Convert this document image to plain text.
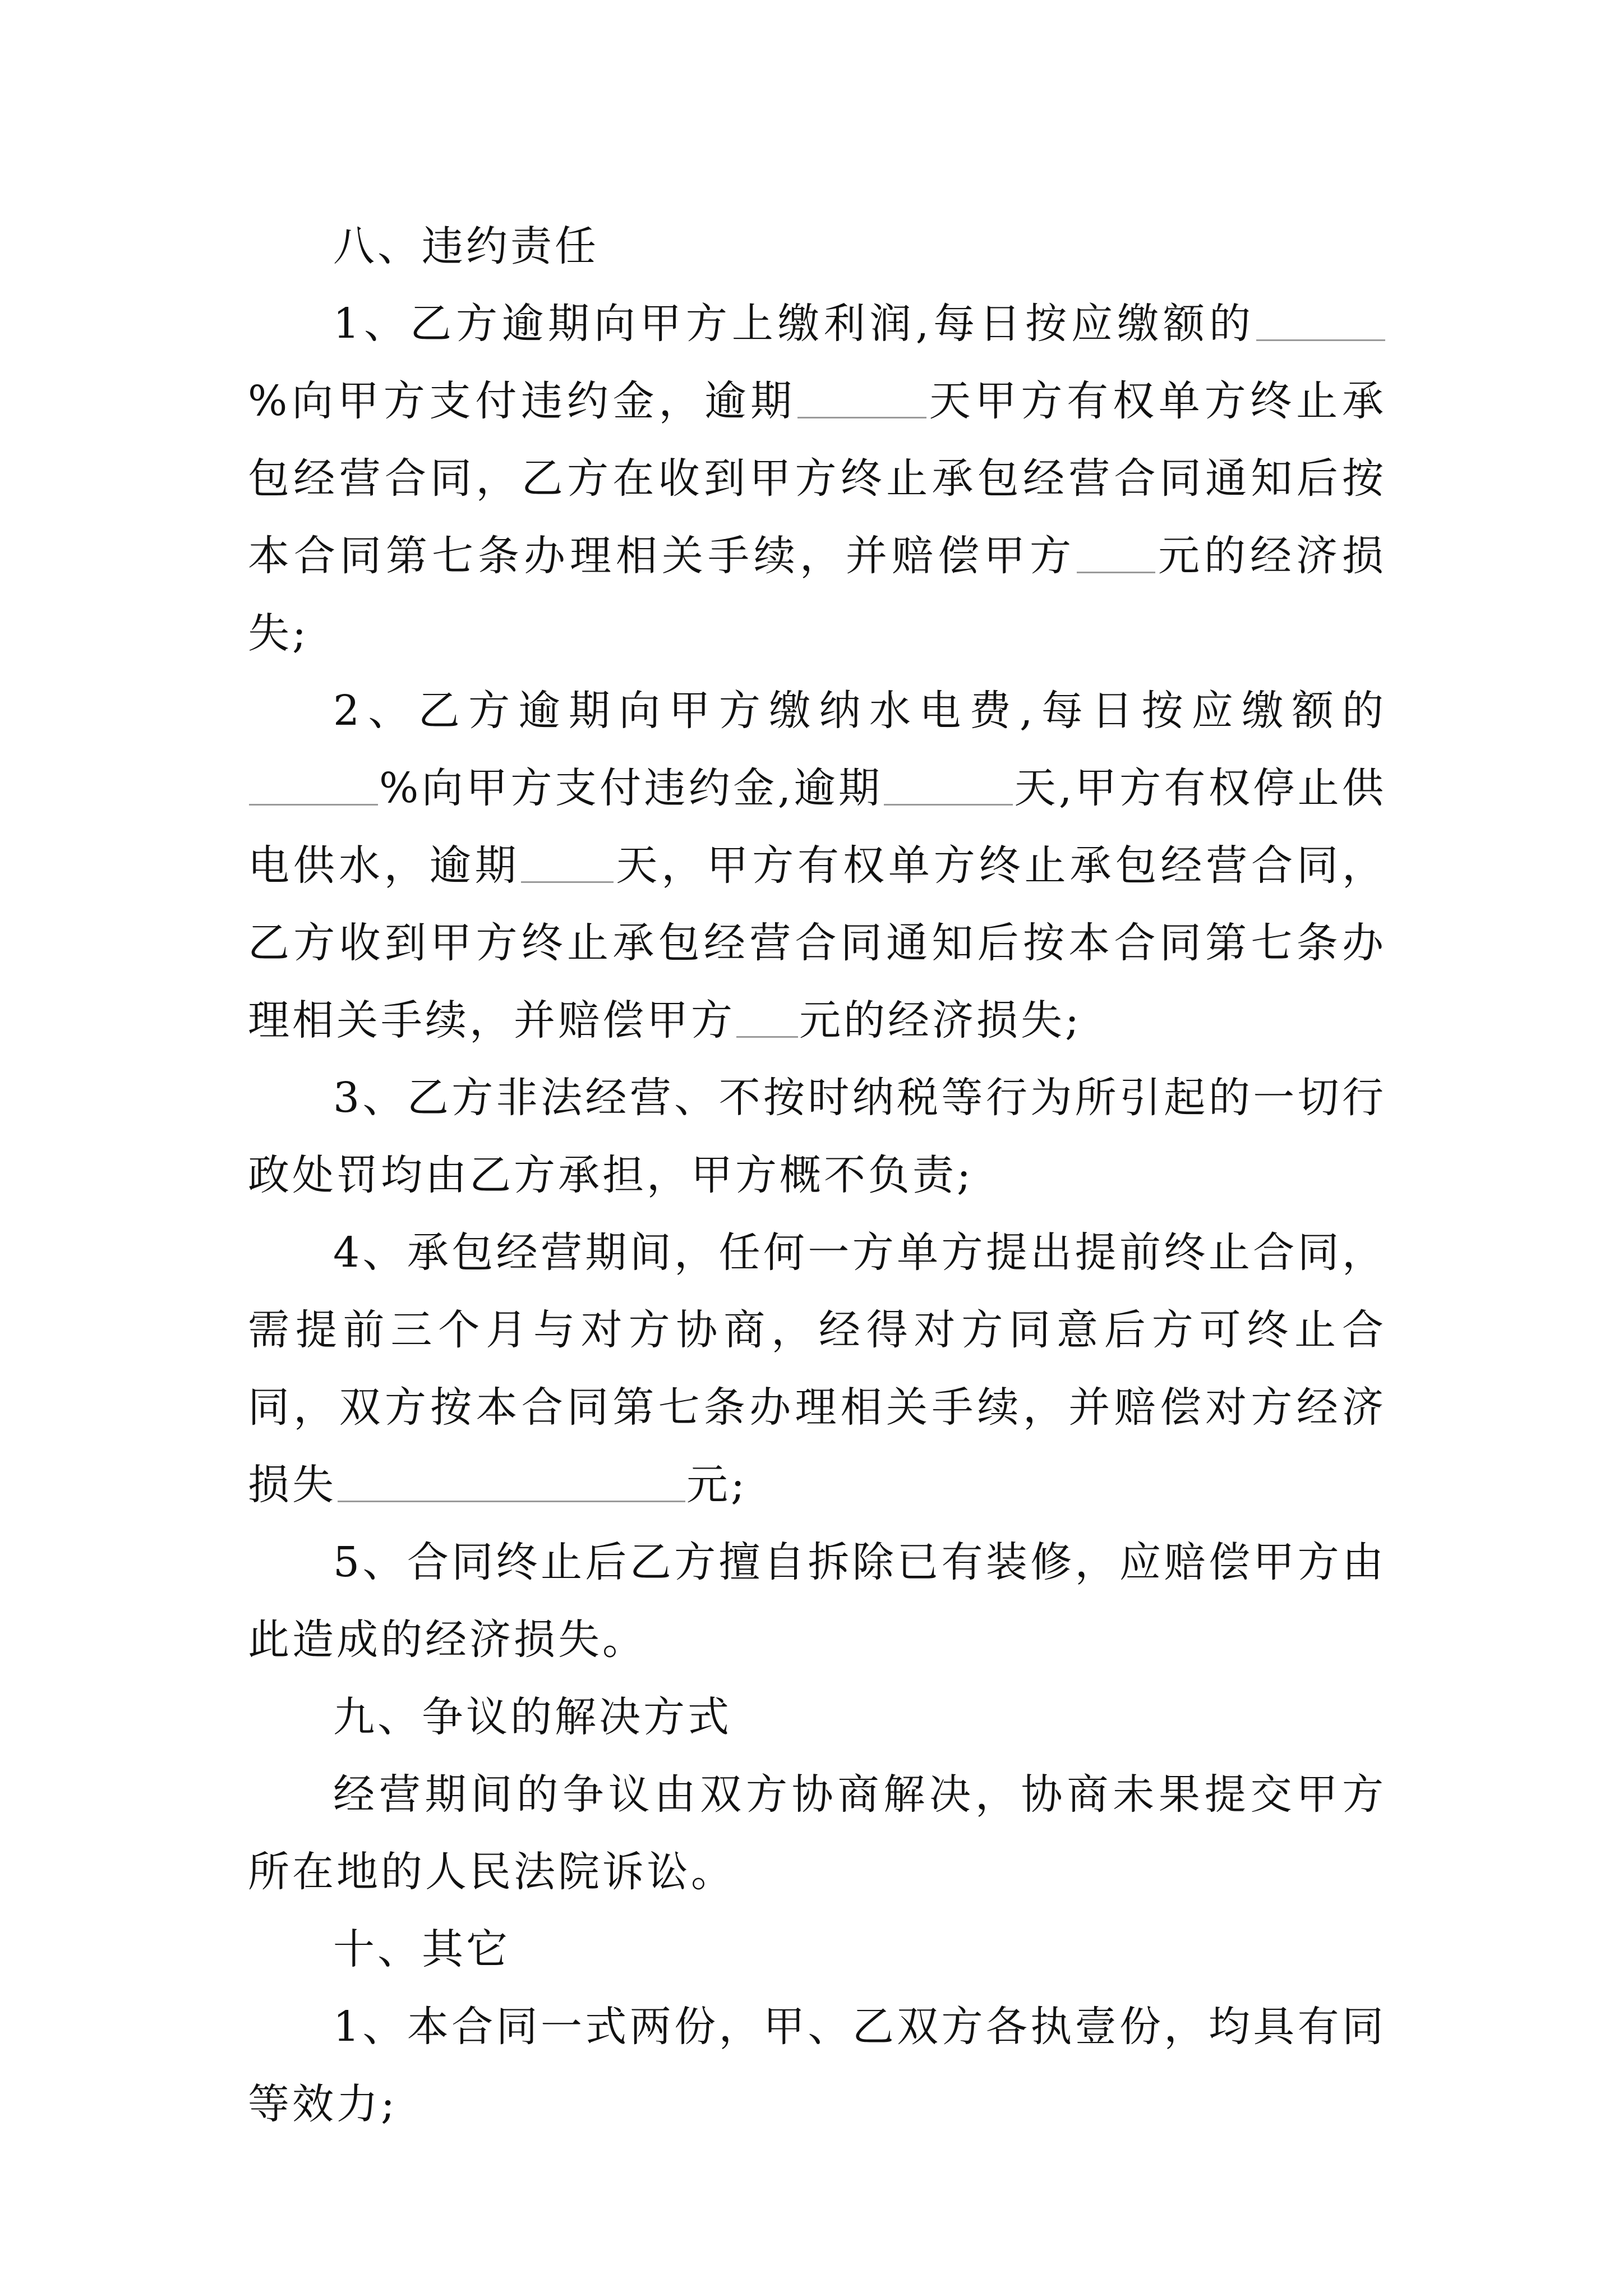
八、违约责任

1、乙方逾期向甲方上缴利润,每日按应缴额的%向甲方支付违约金，逾期	天甲方有权单方终止承包经营合同，乙方在收到甲方终止承包经营合同通知后按本合同第七条办理相关手续，并赔偿甲方 元的经济损失;

2、乙方逾期向甲方缴纳水电费,每日按应缴额的%向甲方支付违约金,逾期	天,甲方有权停止供电供水，逾期 天，甲方有权单方终止承包经营合同，乙方收到甲方终止承包经营合同通知后按本合同第七条办理相关手续，并赔偿甲方 元的经济损失;

3、乙方非法经营、不按时纳税等行为所引起的一切行政处罚均由乙方承担，甲方概不负责;

4、承包经营期间，任何一方单方提出提前终止合同，需提前三个月与对方协商，经得对方同意后方可终止合同，双方按本合同第七条办理相关手续，并赔偿对方经济损失	元;

5、合同终止后乙方擅自拆除已有装修，应赔偿甲方由此造成的经济损失。

九、争议的解决方式

经营期间的争议由双方协商解决，协商未果提交甲方所在地的人民法院诉讼。

十、其它

1、本合同一式两份，甲、乙双方各执壹份，均具有同等效力;
